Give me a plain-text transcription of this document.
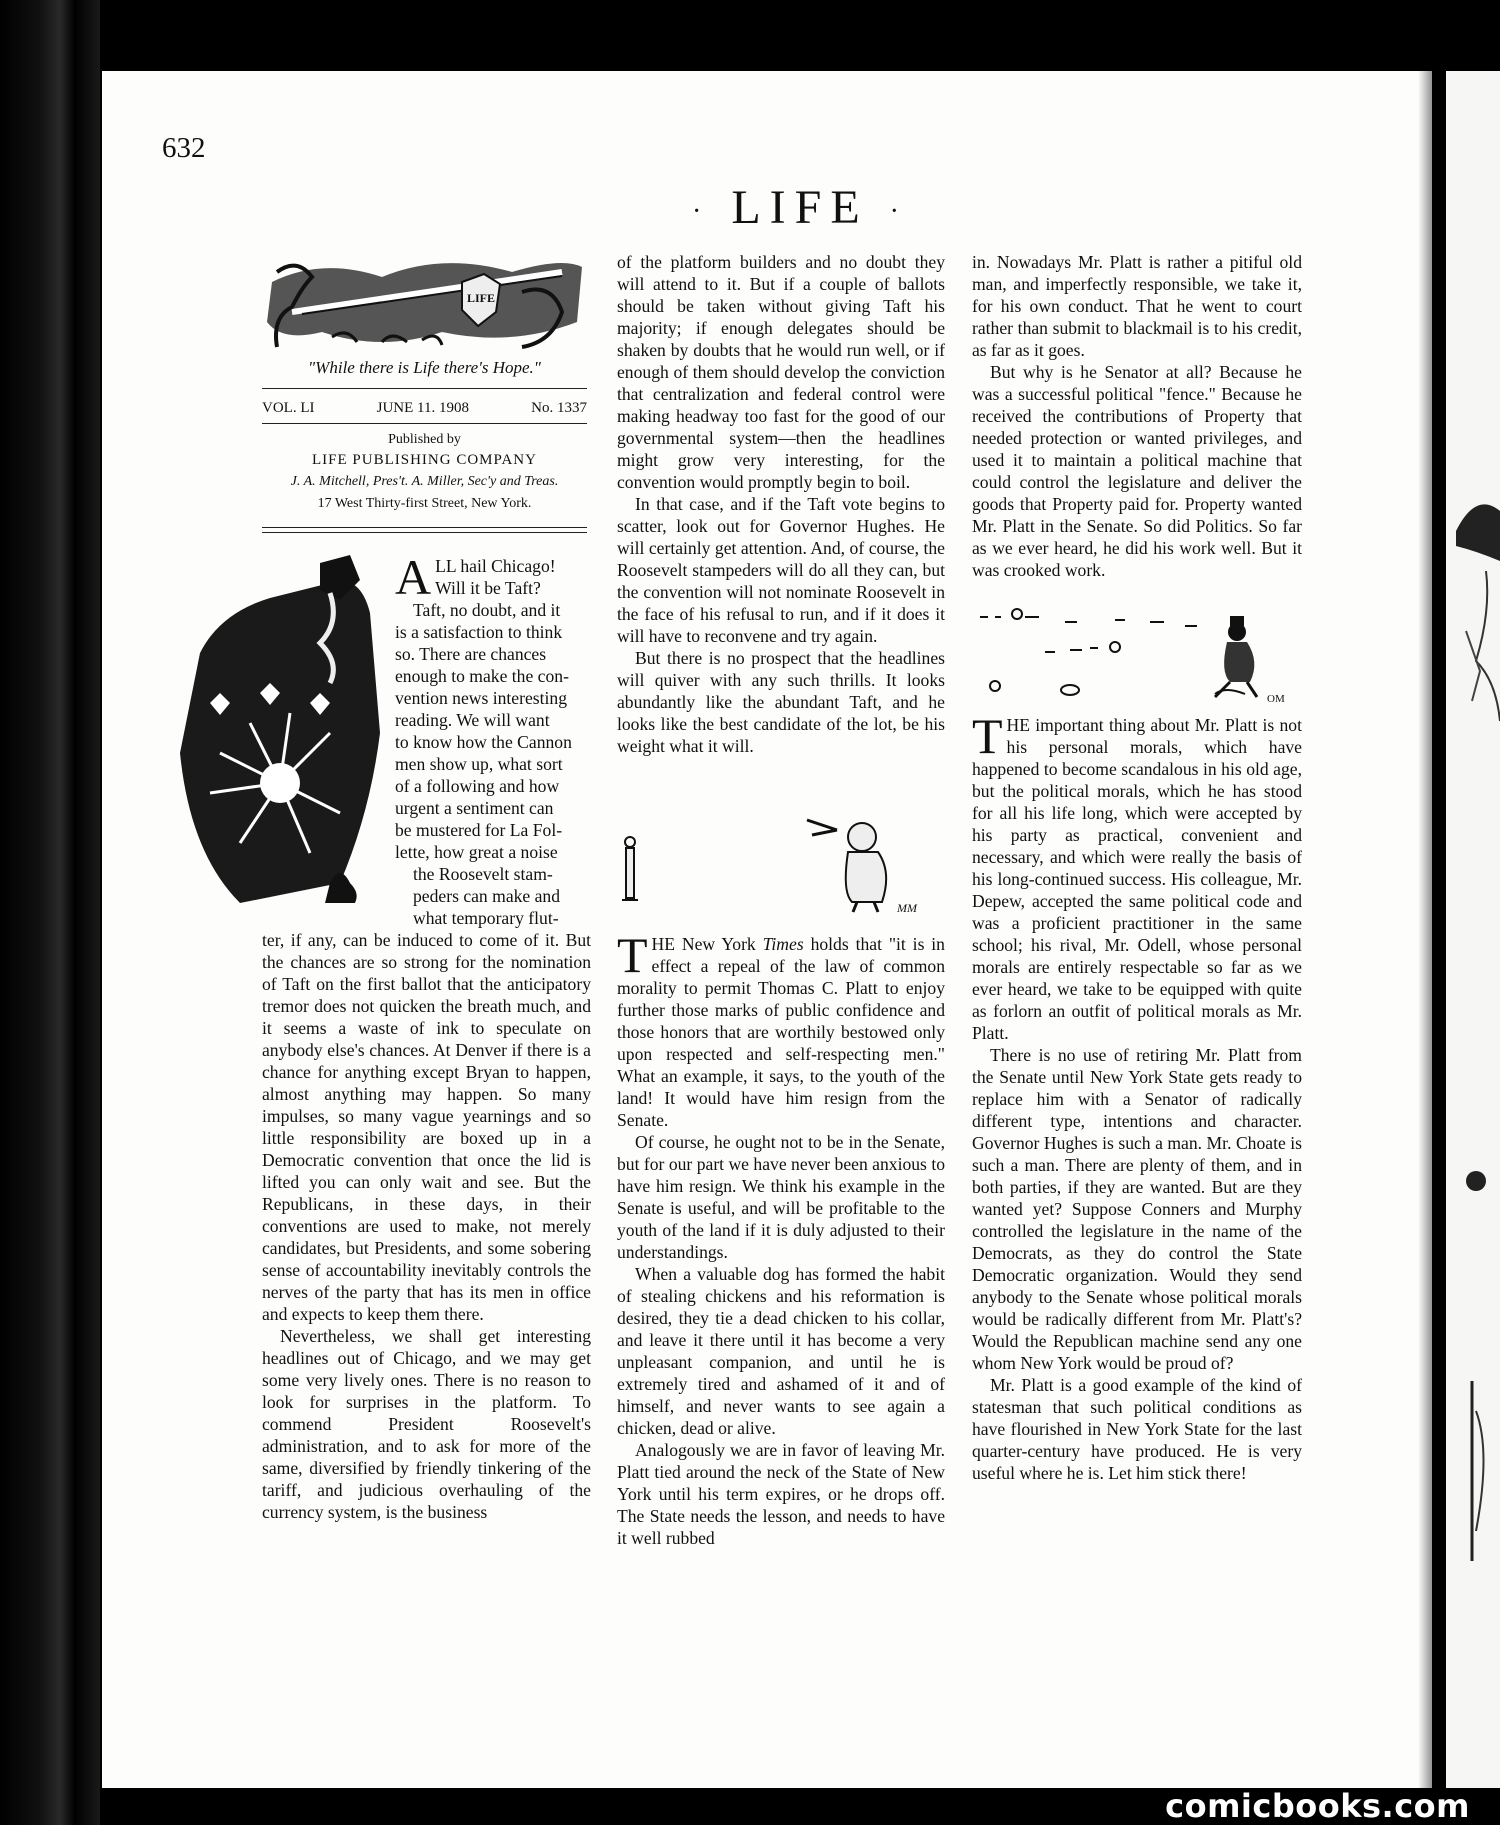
632
· LIFE ·
LIFE
"While there is Life there's Hope."
VOL. LI	JUNE 11. 1908	No. 1337
Published by
LIFE PUBLISHING COMPANY
J. A. Mitchell, Pres't. A. Miller, Sec'y and Treas.
17 West Thirty-first Street, New York.
A LL hail Chicago!
Will it be Taft?
Taft, no doubt, and it
is a satisfaction to think
so. There are chances
enough to make the con-
vention news interesting
reading. We will want
to know how the Cannon
men show up, what sort
of a following and how
urgent a sentiment can
be mustered for La Fol-
lette, how great a noise
the Roosevelt stam-
peders can make and
what temporary flut-

ter, if any, can be induced to come of it. But the chances are so strong for the nomination of Taft on the first ballot that the anticipatory tremor does not quicken the breath much, and it seems a waste of ink to speculate on anybody else's chances. At Denver if there is a chance for anything except Bryan to happen, almost anything may happen. So many impulses, so many vague yearnings and so little responsibility are boxed up in a Democratic convention that once the lid is lifted you can only wait and see. But the Republicans, in these days, in their conventions are used to make, not merely candidates, but Presidents, and some sobering sense of accountability inevitably controls the nerves of the party that has its men in office and expects to keep them there.

Nevertheless, we shall get interesting headlines out of Chicago, and we may get some very lively ones. There is no reason to look for surprises in the platform. To commend President Roosevelt's administration, and to ask for more of the same, diversified by friendly tinkering of the tariff, and judicious overhauling of the currency system, is the business

of the platform builders and no doubt they will attend to it. But if a couple of ballots should be taken without giving Taft his majority; if enough delegates should be shaken by doubts that he would run well, or if enough of them should develop the conviction that centralization and federal control were making headway too fast for the good of our governmental system—then the headlines might grow very interesting, for the convention would promptly begin to boil.

In that case, and if the Taft vote begins to scatter, look out for Governor Hughes. He will certainly get attention. And, of course, the Roosevelt stampeders will do all they can, but the convention will not nominate Roosevelt in the face of his refusal to run, and if it does it will have to reconvene and try again.

But there is no prospect that the headlines will quiver with any such thrills. It looks abundantly like the abundant Taft, and he looks like the best candidate of the lot, be his weight what it will.

MM

THE New York Times holds that "it is in effect a repeal of the law of common morality to permit Thomas C. Platt to enjoy further those marks of public confidence and those honors that are worthily bestowed only upon respected and self-respecting men." What an example, it says, to the youth of the land! It would have him resign from the Senate.

Of course, he ought not to be in the Senate, but for our part we have never been anxious to have him resign. We think his example in the Senate is useful, and will be profitable to the youth of the land if it is duly adjusted to their understandings.

When a valuable dog has formed the habit of stealing chickens and his reformation is desired, they tie a dead chicken to his collar, and leave it there until it has become a very unpleasant companion, and until he is extremely tired and ashamed of it and of himself, and never wants to see again a chicken, dead or alive.

Analogously we are in favor of leaving Mr. Platt tied around the neck of the State of New York until his term expires, or he drops off. The State needs the lesson, and needs to have it well rubbed

in. Nowadays Mr. Platt is rather a pitiful old man, and imperfectly responsible, we take it, for his own conduct. That he went to court rather than submit to blackmail is to his credit, as far as it goes.

But why is he Senator at all? Because he was a successful political "fence." Because he received the contributions of Property that needed protection or wanted privileges, and used it to maintain a political machine that could control the legislature and deliver the goods that Property paid for. Property wanted Mr. Platt in the Senate. So did Politics. So far as we ever heard, he did his work well. But it was crooked work.

OM

THE important thing about Mr. Platt is not his personal morals, which have happened to become scandalous in his old age, but the political morals, which he has stood for all his life long, which were accepted by his party as practical, convenient and necessary, and which were really the basis of his long-continued success. His colleague, Mr. Depew, accepted the same political code and was a proficient practitioner in the same school; his rival, Mr. Odell, whose personal morals are entirely respectable so far as we ever heard, we take to be equipped with quite as forlorn an outfit of political morals as Mr. Platt.

There is no use of retiring Mr. Platt from the Senate until New York State gets ready to replace him with a Senator of radically different type, intentions and character. Governor Hughes is such a man. Mr. Choate is such a man. There are plenty of them, and in both parties, if they are wanted. But are they wanted yet? Suppose Conners and Murphy controlled the legislature in the name of the Democrats, as they do control the State Democratic organization. Would they send anybody to the Senate whose political morals would be radically different from Mr. Platt's? Would the Republican machine send any one whom New York would be proud of?

Mr. Platt is a good example of the kind of statesman that such political conditions as have flourished in New York State for the last quarter-century have produced. He is very useful where he is. Let him stick there!

comicbooks.com
